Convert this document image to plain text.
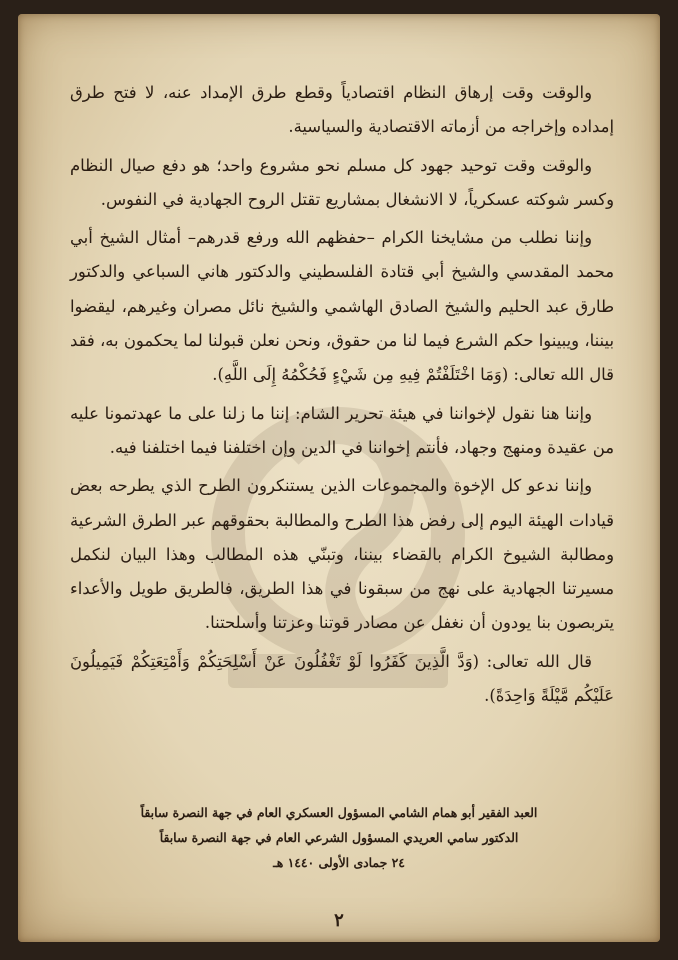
والوقت وقت إرهاق النظام اقتصادياً وقطع طرق الإمداد عنه، لا فتح طرق إمداده وإخراجه من أزماته الاقتصادية والسياسية.

والوقت وقت توحيد جهود كل مسلم نحو مشروع واحد؛ هو دفع صيال النظام وكسر شوكته عسكرياً، لا الانشغال بمشاريع تقتل الروح الجهادية في النفوس.

وإننا نطلب من مشايخنا الكرام –حفظهم الله ورفع قدرهم– أمثال الشيخ أبي محمد المقدسي والشيخ أبي قتادة الفلسطيني والدكتور هاني السباعي والدكتور طارق عبد الحليم والشيخ الصادق الهاشمي والشيخ نائل مصران وغيرهم، ليقضوا بيننا، ويبينوا حكم الشرع فيما لنا من حقوق، ونحن نعلن قبولنا لما يحكمون به، فقد قال الله تعالى: (وَمَا اخْتَلَفْتُمْ فِيهِ مِن شَيْءٍ فَحُكْمُهُ إِلَى اللَّهِ).

وإننا هنا نقول لإخواننا في هيئة تحرير الشام: إننا ما زلنا على ما عهدتمونا عليه من عقيدة ومنهج وجهاد، فأنتم إخواننا في الدين وإن اختلفنا فيما اختلفنا فيه.

وإننا ندعو كل الإخوة والمجموعات الذين يستنكرون الطرح الذي يطرحه بعض قيادات الهيئة اليوم إلى رفض هذا الطرح والمطالبة بحقوقهم عبر الطرق الشرعية ومطالبة الشيوخ الكرام بالقضاء بيننا، وتبنّي هذه المطالب وهذا البيان لنكمل مسيرتنا الجهادية على نهج من سبقونا في هذا الطريق، فالطريق طويل والأعداء يتربصون بنا يودون أن نغفل عن مصادر قوتنا وعزتنا وأسلحتنا.

قال الله تعالى: (وَدَّ الَّذِينَ كَفَرُوا لَوْ تَغْفُلُونَ عَنْ أَسْلِحَتِكُمْ وَأَمْتِعَتِكُمْ فَيَمِيلُونَ عَلَيْكُم مَّيْلَةً وَاحِدَةً).

العبد الفقير أبو همام الشامي المسؤول العسكري العام في جهة النصرة سابقاً
الدكتور سامي العريدي المسؤول الشرعي العام في جهة النصرة سابقاً
٢٤ جمادى الأولى ١٤٤٠ هـ
٢
